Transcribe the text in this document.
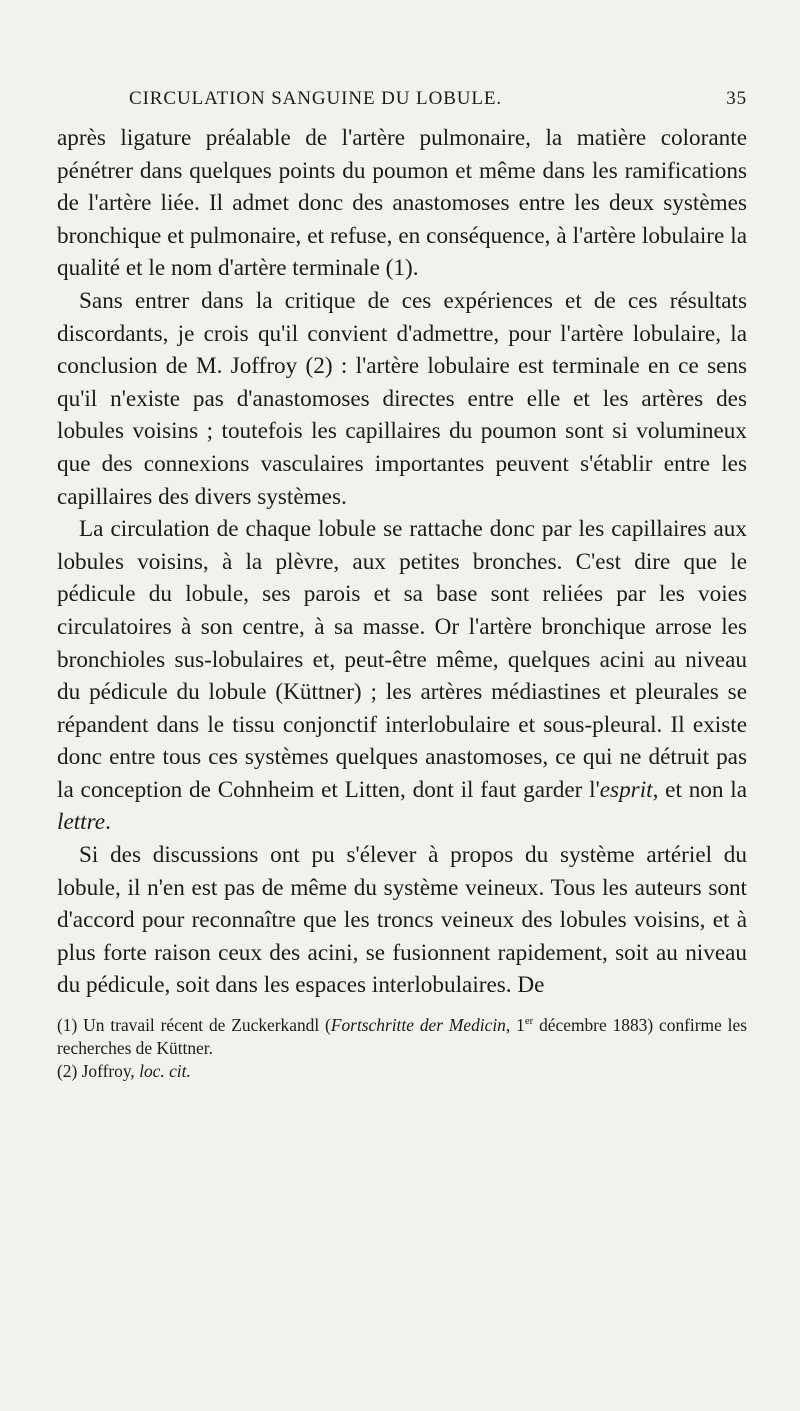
CIRCULATION SANGUINE DU LOBULE.	35

après ligature préalable de l'artère pulmonaire, la matière colorante pénétrer dans quelques points du poumon et même dans les ramifications de l'artère liée. Il admet donc des anastomoses entre les deux systèmes bronchique et pulmonaire, et refuse, en conséquence, à l'artère lobulaire la qualité et le nom d'artère terminale (1).

Sans entrer dans la critique de ces expériences et de ces résultats discordants, je crois qu'il convient d'admettre, pour l'artère lobulaire, la conclusion de M. Joffroy (2) : l'artère lobulaire est terminale en ce sens qu'il n'existe pas d'anastomoses directes entre elle et les artères des lobules voisins ; toutefois les capillaires du poumon sont si volumineux que des connexions vasculaires importantes peuvent s'établir entre les capillaires des divers systèmes.

La circulation de chaque lobule se rattache donc par les capillaires aux lobules voisins, à la plèvre, aux petites bronches. C'est dire que le pédicule du lobule, ses parois et sa base sont reliées par les voies circulatoires à son centre, à sa masse. Or l'artère bronchique arrose les bronchioles sus-lobulaires et, peut-être même, quelques acini au niveau du pédicule du lobule (Küttner) ; les artères médiastines et pleurales se répandent dans le tissu conjonctif interlobulaire et sous-pleural. Il existe donc entre tous ces systèmes quelques anastomoses, ce qui ne détruit pas la conception de Cohnheim et Litten, dont il faut garder l'esprit, et non la lettre.

Si des discussions ont pu s'élever à propos du système artériel du lobule, il n'en est pas de même du système veineux. Tous les auteurs sont d'accord pour reconnaître que les troncs veineux des lobules voisins, et à plus forte raison ceux des acini, se fusionnent rapidement, soit au niveau du pédicule, soit dans les espaces interlobulaires. De

(1) Un travail récent de Zuckerkandl (Fortschritte der Medicin, 1er décembre 1883) confirme les recherches de Küttner.

(2) Joffroy, loc. cit.
